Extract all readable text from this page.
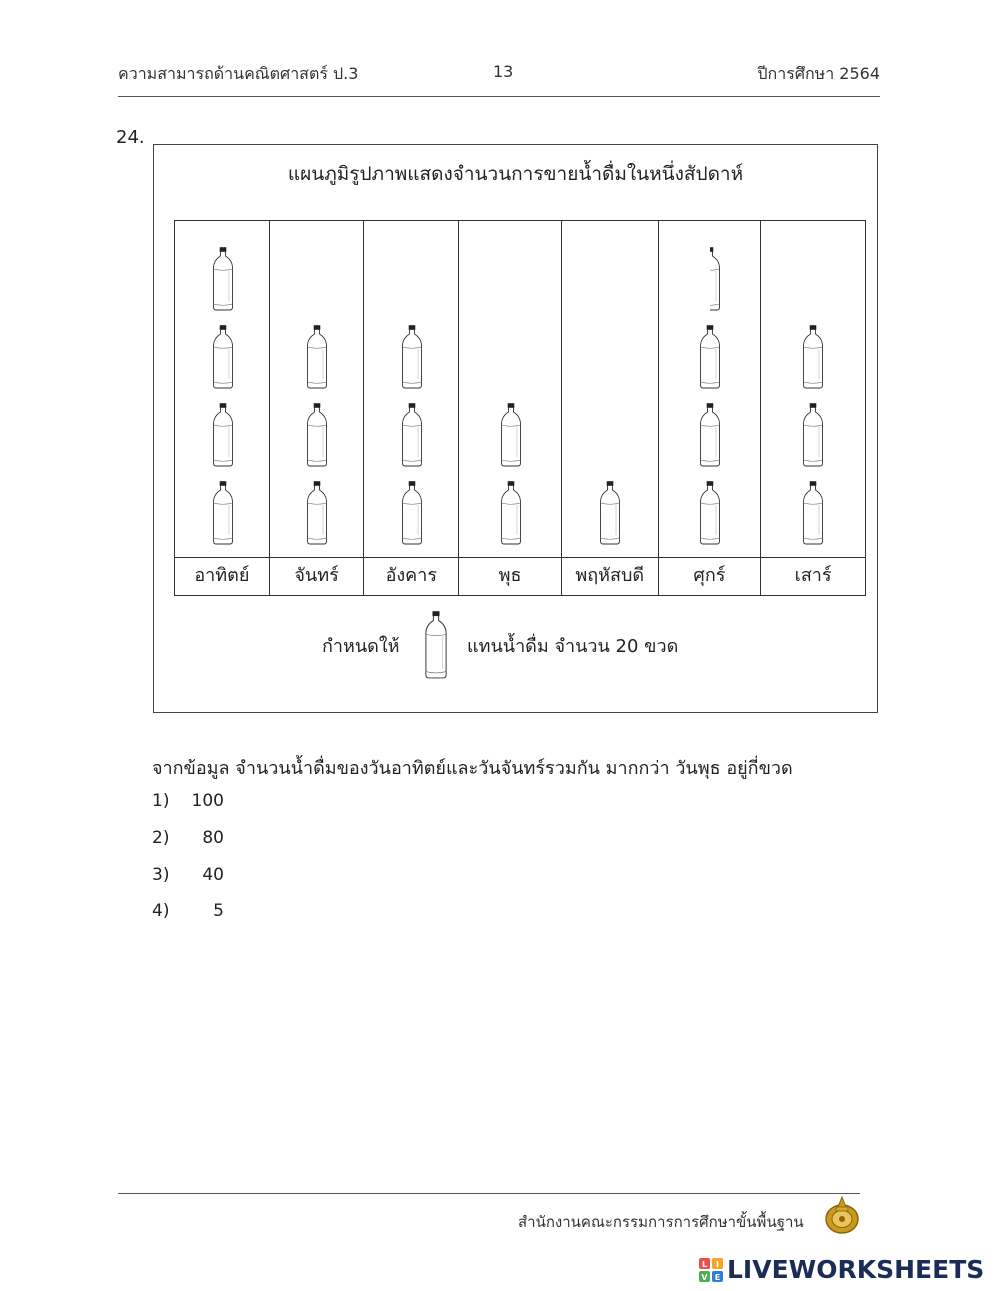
ความสามารถด้านคณิตศาสตร์ ป.3	13	ปีการศึกษา 2564
24.
แผนภูมิรูปภาพแสดงจำนวนการขายน้ำดื่มในหนึ่งสัปดาห์
อาทิตย์	จันทร์	อังคาร	พุธ	พฤหัสบดี	ศุกร์	เสาร์
กำหนดให้	แทนน้ำดื่ม จำนวน 20 ขวด
จากข้อมูล จำนวนน้ำดื่มของวันอาทิตย์และวันจันทร์รวมกัน มากกว่า วันพุธ อยู่กี่ขวด
1) 100
2) 80
3) 40
4)	5
สำนักงานคณะกรรมการการศึกษาขั้นพื้นฐาน
L I
V E LIVEWORKSHEETS
